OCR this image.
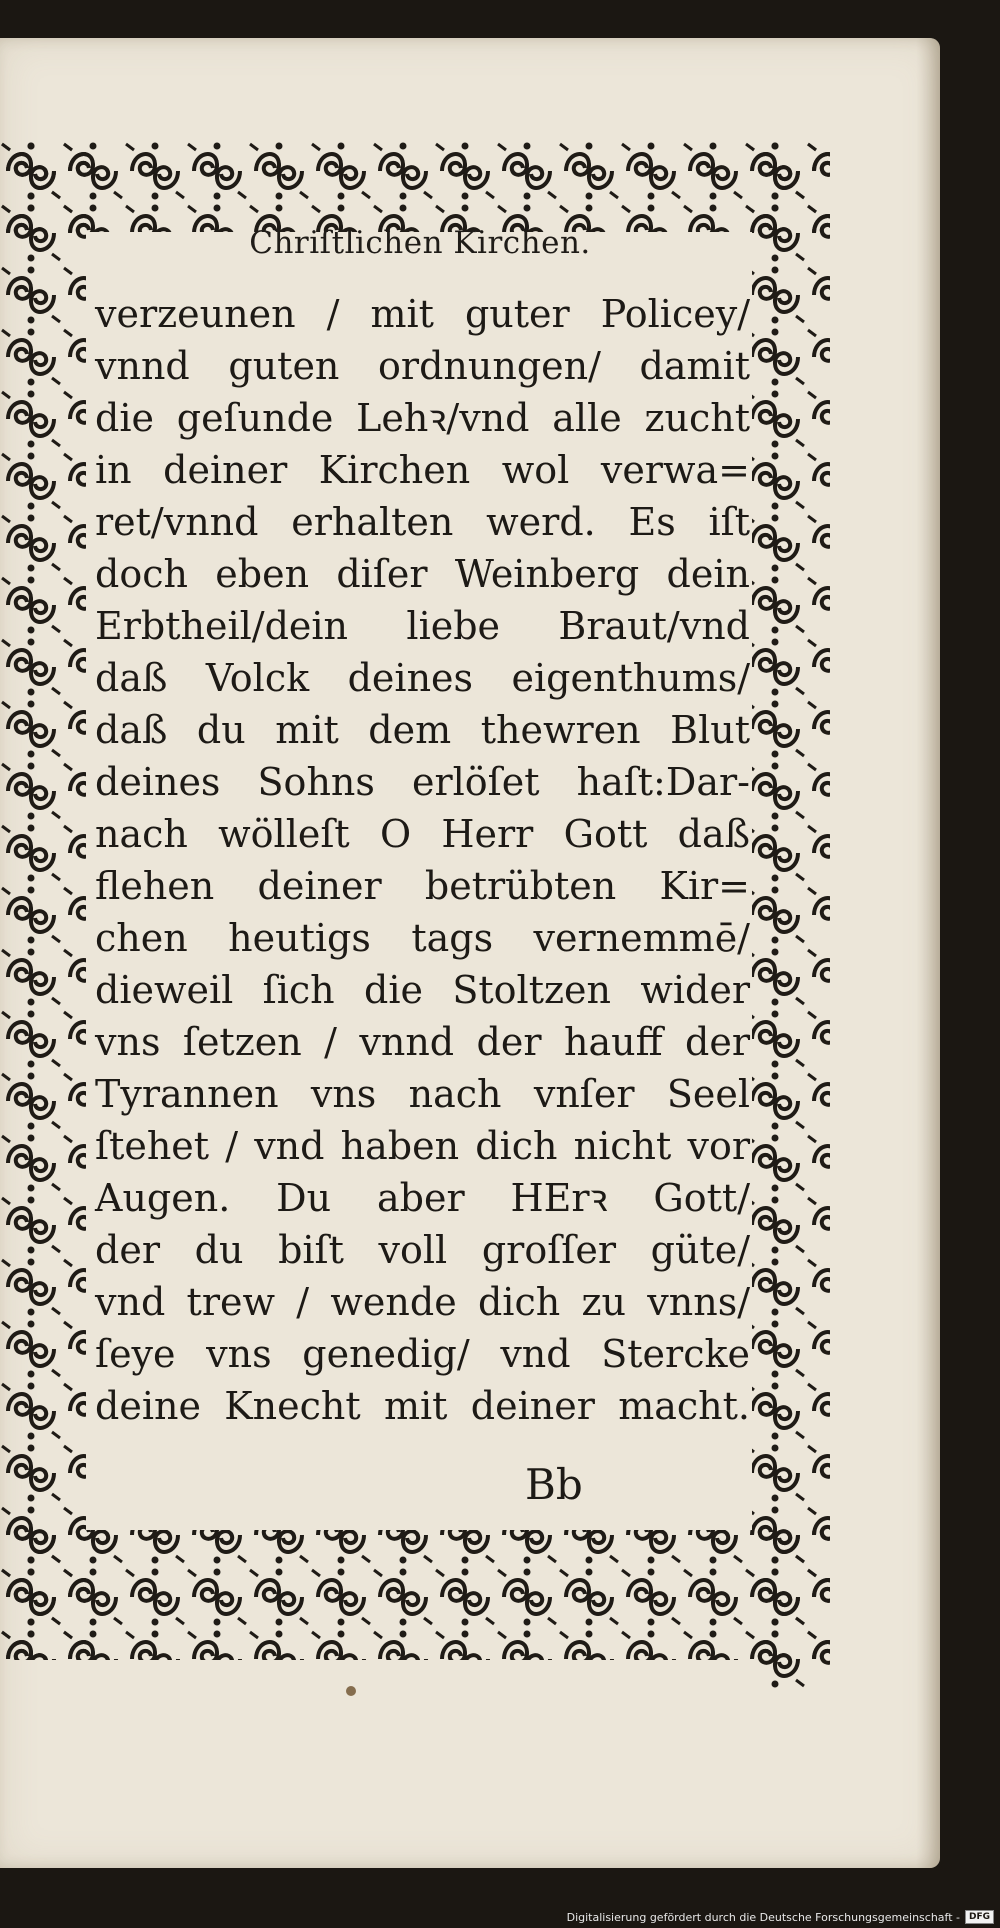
Chriſtlichen Kirchen.
verzeunen / mit guter Policey/
vnnd guten ordnungen/ damit
die geſunde Lehꝛ/vnd alle zucht
in deiner Kirchen wol verwa=
ret/vnnd erhalten werd. Es iſt
doch eben diſer Weinberg dein
Erbtheil/dein liebe Braut/vnd
daß Volck deines eigenthums/
daß du mit dem thewren Blut
deines Sohns erlöſet haſt:Dar-
nach wölleſt O Herr Gott daß
flehen deiner betrübten Kir=
chen heutigs tags vernemmē/
dieweil ſich die Stoltzen wider
vns ſetzen / vnnd der hauff der
Tyrannen vns nach vnſer Seel
ſtehet / vnd haben dich nicht vor
Augen. Du aber HErꝛ Gott/
der du biſt voll groſſer güte/
vnd trew / wende dich zu vnns/
ſeye vns genedig/ vnd Stercke
deine Knecht mit deiner macht.
Bb
Digitalisierung gefördert durch die Deutsche Forschungsgemeinschaft -	DFG
